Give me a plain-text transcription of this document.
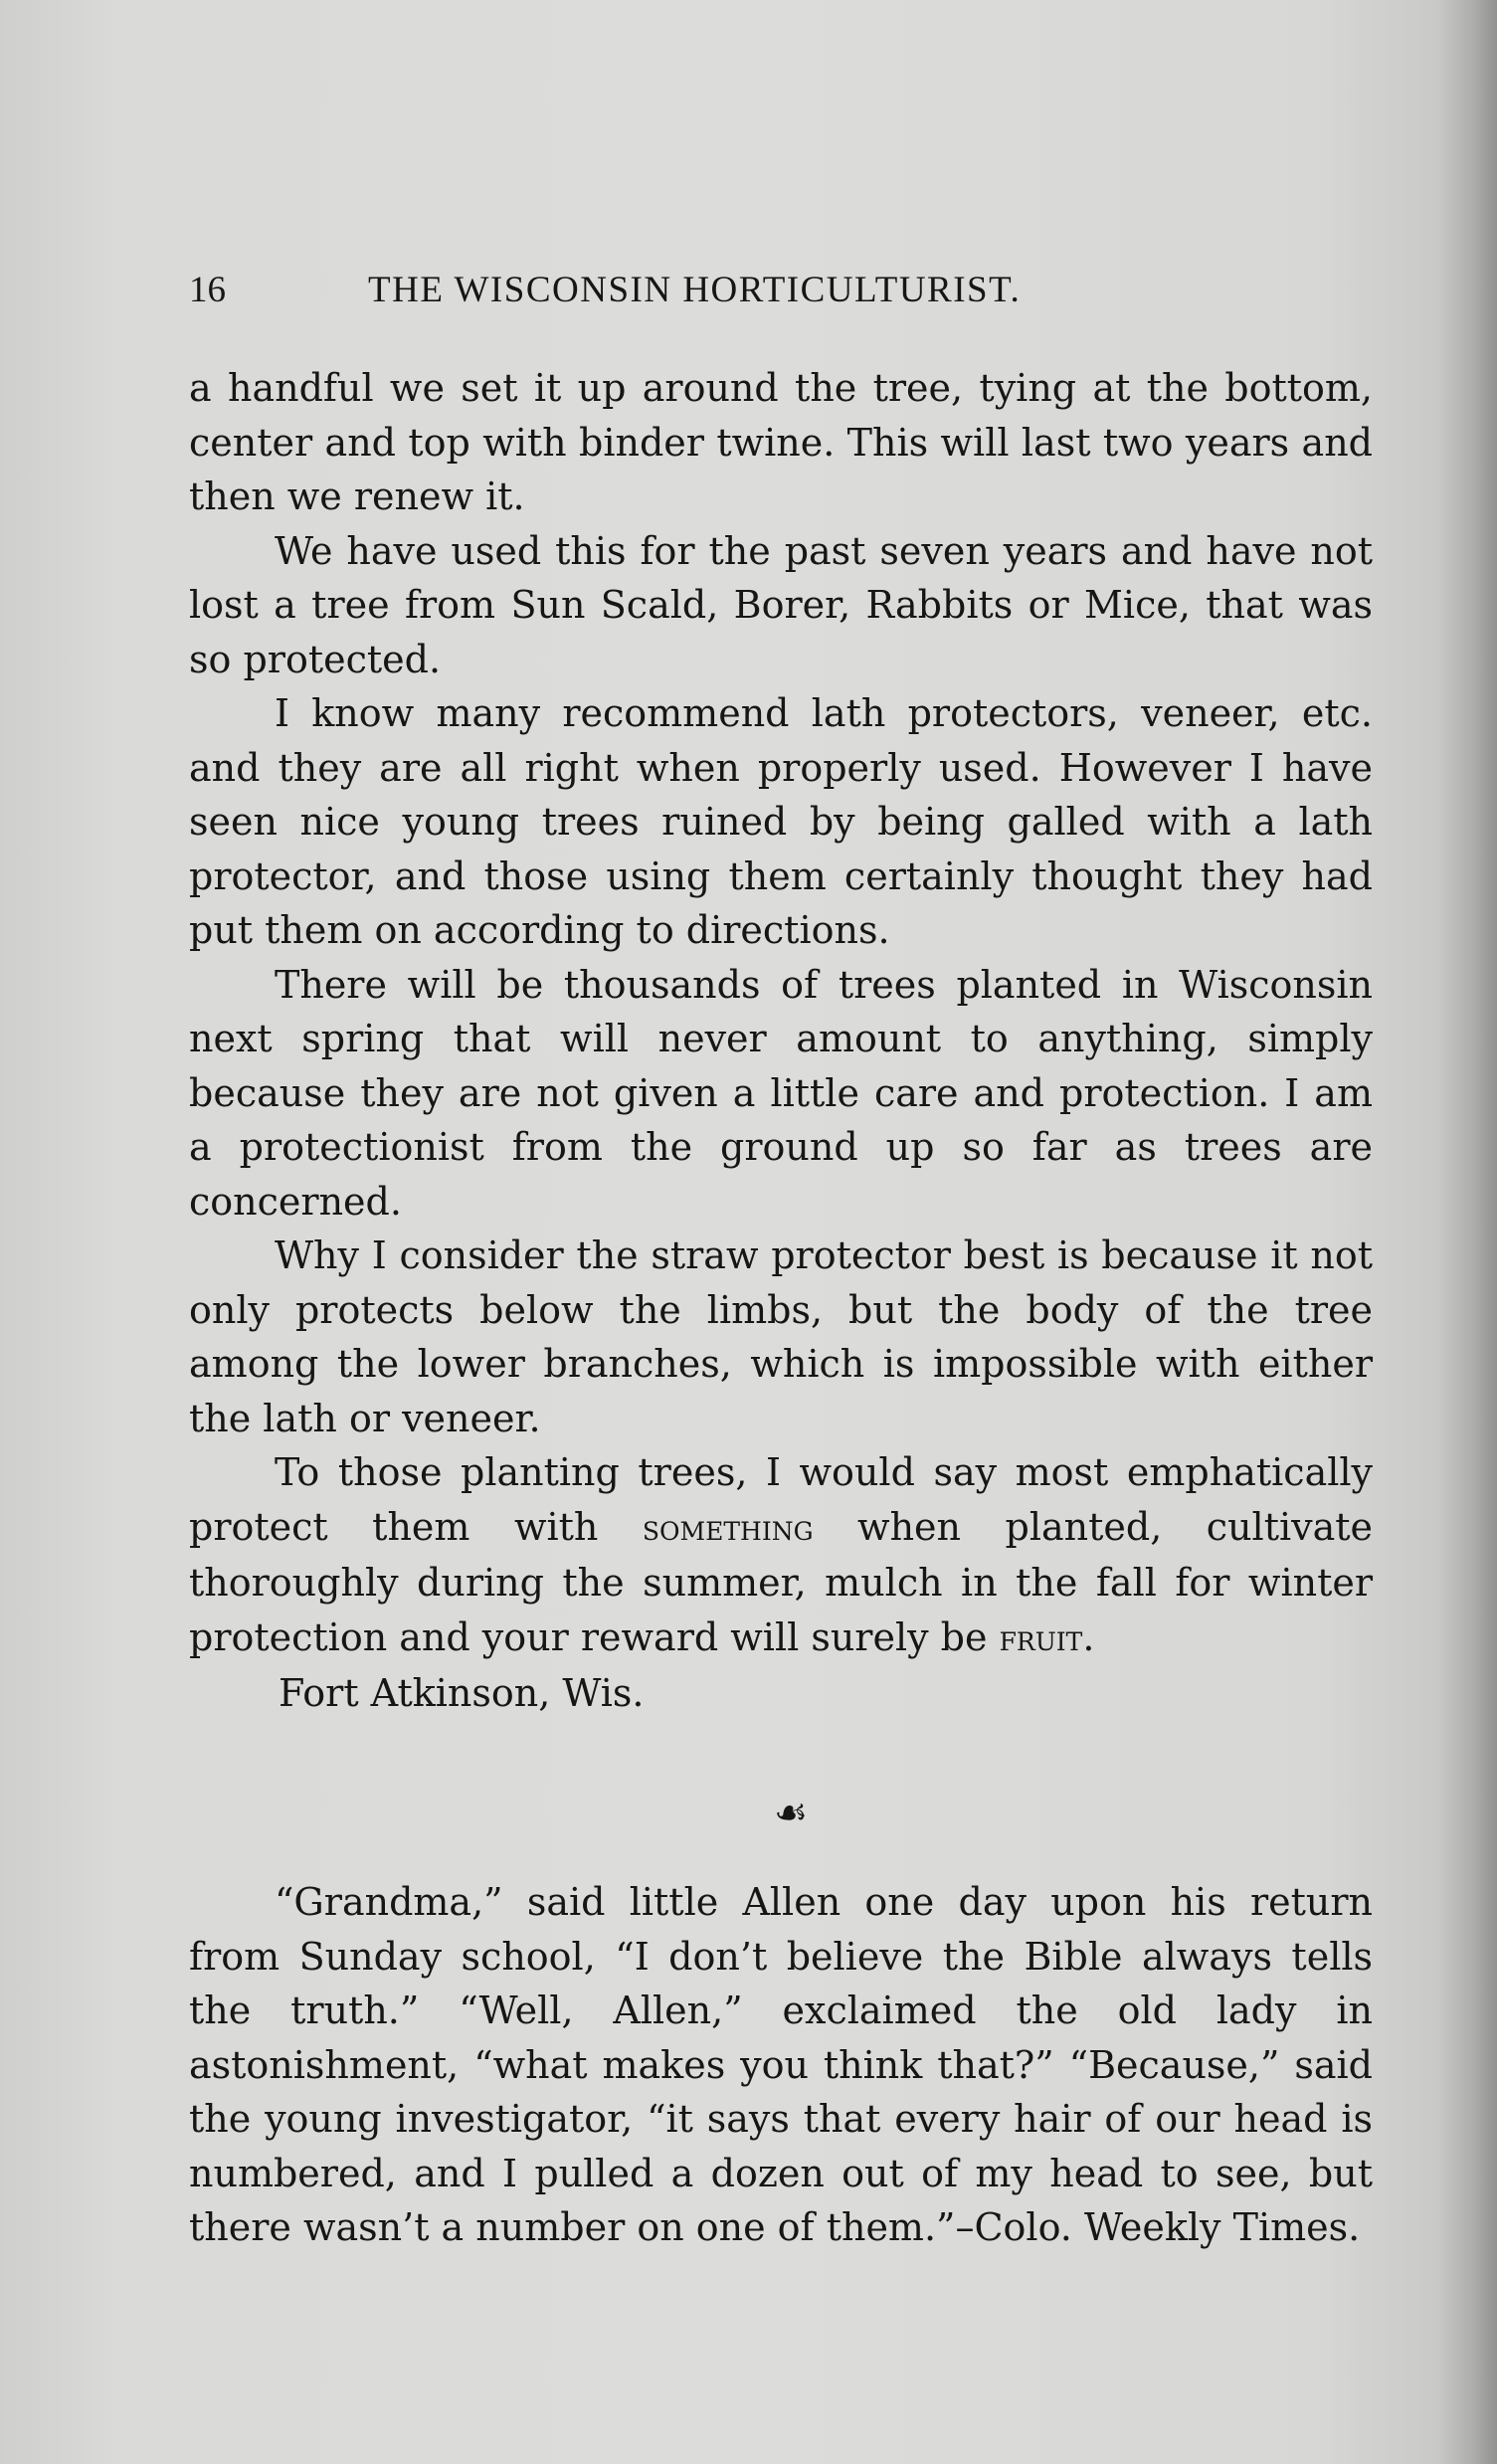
16	THE WISCONSIN HORTICULTURIST.

a handful we set it up around the tree, tying at the bottom, center and top with binder twine. This will last two years and then we renew it.

We have used this for the past seven years and have not lost a tree from Sun Scald, Borer, Rabbits or Mice, that was so protected.

I know many recommend lath protectors, veneer, etc. and they are all right when properly used. However I have seen nice young trees ruined by being galled with a lath protector, and those using them certainly thought they had put them on according to directions.

There will be thousands of trees planted in Wisconsin next spring that will never amount to anything, simply because they are not given a little care and protection. I am a protectionist from the ground up so far as trees are concerned.

Why I consider the straw protector best is because it not only protects below the limbs, but the body of the tree among the lower branches, which is impossible with either the lath or veneer.

To those planting trees, I would say most emphatically protect them with something when planted, cultivate thoroughly during the summer, mulch in the fall for winter protection and your reward will surely be fruit.

Fort Atkinson, Wis.

☙

“Grandma,” said little Allen one day upon his return from Sunday school, “I don’t believe the Bible always tells the truth.” “Well, Allen,” exclaimed the old lady in astonishment, “what makes you think that?” “Because,” said the young investigator, “it says that every hair of our head is numbered, and I pulled a dozen out of my head to see, but there wasn’t a number on one of them.”–Colo. Weekly Times.
